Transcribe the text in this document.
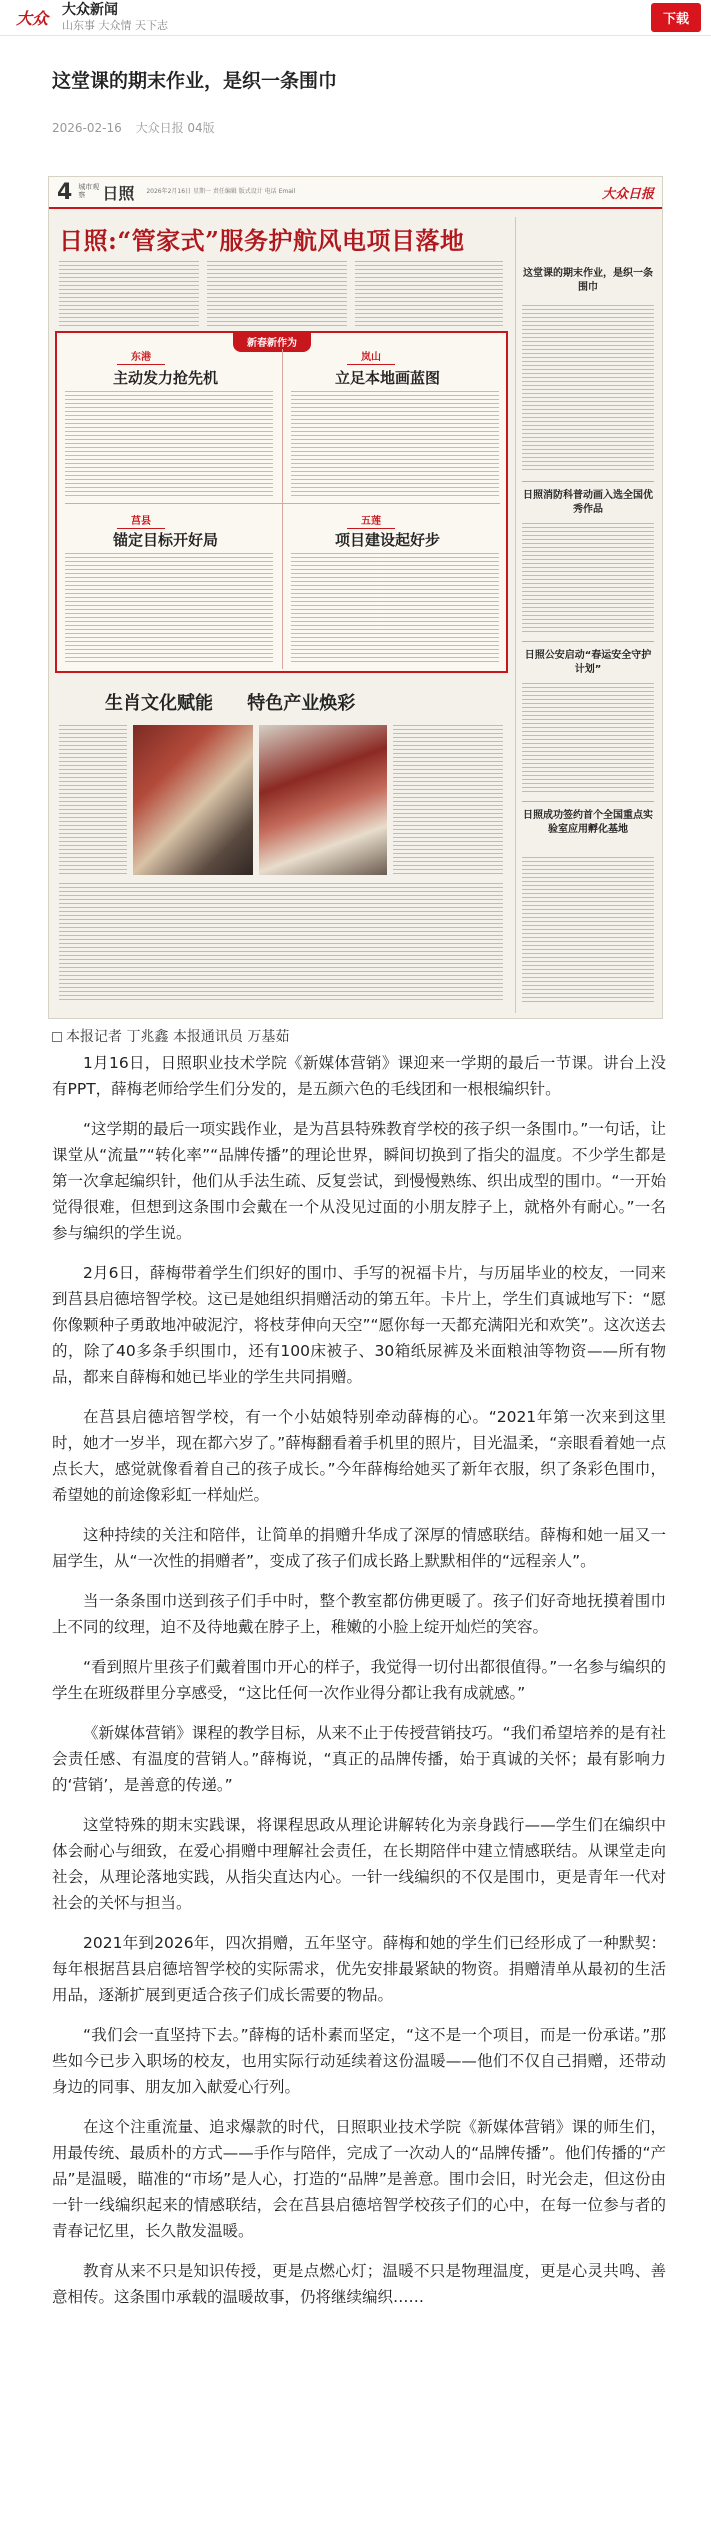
大众 大众新闻
山东事 大众情 天下志	下载
这堂课的期末作业，是织一条围巾
2026-02-16 大众日报 04版
4 城市观察	日照 2026年2月16日 星期一 责任编辑 版式设计 电话 Email	大众日报
日照:“管家式”服务护航风电项目落地
新春新作为
东港
主动发力抢先机
岚山
立足本地画蓝图
莒县
锚定目标开好局
五莲
项目建设起好步
生肖文化赋能 特色产业焕彩
这堂课的期末作业，是织一条围巾
日照消防科普动画入选全国优秀作品
日照公安启动“春运安全守护计划”
日照成功签约首个全国重点实验室应用孵化基地
本报记者 丁兆鑫 本报通讯员 万基茹

1月16日，日照职业技术学院《新媒体营销》课迎来一学期的最后一节课。讲台上没有PPT，薛梅老师给学生们分发的，是五颜六色的毛线团和一根根编织针。

“这学期的最后一项实践作业，是为莒县特殊教育学校的孩子织一条围巾。”一句话，让课堂从“流量”“转化率”“品牌传播”的理论世界，瞬间切换到了指尖的温度。不少学生都是第一次拿起编织针，他们从手法生疏、反复尝试，到慢慢熟练、织出成型的围巾。“一开始觉得很难，但想到这条围巾会戴在一个从没见过面的小朋友脖子上，就格外有耐心。”一名参与编织的学生说。

2月6日，薛梅带着学生们织好的围巾、手写的祝福卡片，与历届毕业的校友，一同来到莒县启德培智学校。这已是她组织捐赠活动的第五年。卡片上，学生们真诚地写下：“愿你像颗种子勇敢地冲破泥泞，将枝芽伸向天空”“愿你每一天都充满阳光和欢笑”。这次送去的，除了40多条手织围巾，还有100床被子、30箱纸尿裤及米面粮油等物资——所有物品，都来自薛梅和她已毕业的学生共同捐赠。

在莒县启德培智学校，有一个小姑娘特别牵动薛梅的心。“2021年第一次来到这里时，她才一岁半，现在都六岁了。”薛梅翻看着手机里的照片，目光温柔，“亲眼看着她一点点长大，感觉就像看着自己的孩子成长。”今年薛梅给她买了新年衣服，织了条彩色围巾，希望她的前途像彩虹一样灿烂。

这种持续的关注和陪伴，让简单的捐赠升华成了深厚的情感联结。薛梅和她一届又一届学生，从“一次性的捐赠者”，变成了孩子们成长路上默默相伴的“远程亲人”。

当一条条围巾送到孩子们手中时，整个教室都仿佛更暖了。孩子们好奇地抚摸着围巾上不同的纹理，迫不及待地戴在脖子上，稚嫩的小脸上绽开灿烂的笑容。

“看到照片里孩子们戴着围巾开心的样子，我觉得一切付出都很值得。”一名参与编织的学生在班级群里分享感受，“这比任何一次作业得分都让我有成就感。”

《新媒体营销》课程的教学目标，从来不止于传授营销技巧。“我们希望培养的是有社会责任感、有温度的营销人。”薛梅说，“真正的品牌传播，始于真诚的关怀；最有影响力的‘营销’，是善意的传递。”

这堂特殊的期末实践课，将课程思政从理论讲解转化为亲身践行——学生们在编织中体会耐心与细致，在爱心捐赠中理解社会责任，在长期陪伴中建立情感联结。从课堂走向社会，从理论落地实践，从指尖直达内心。一针一线编织的不仅是围巾，更是青年一代对社会的关怀与担当。

2021年到2026年，四次捐赠，五年坚守。薛梅和她的学生们已经形成了一种默契：每年根据莒县启德培智学校的实际需求，优先安排最紧缺的物资。捐赠清单从最初的生活用品，逐渐扩展到更适合孩子们成长需要的物品。

“我们会一直坚持下去。”薛梅的话朴素而坚定，“这不是一个项目，而是一份承诺。”那些如今已步入职场的校友，也用实际行动延续着这份温暖——他们不仅自己捐赠，还带动身边的同事、朋友加入献爱心行列。

在这个注重流量、追求爆款的时代，日照职业技术学院《新媒体营销》课的师生们，用最传统、最质朴的方式——手作与陪伴，完成了一次动人的“品牌传播”。他们传播的“产品”是温暖，瞄准的“市场”是人心，打造的“品牌”是善意。围巾会旧，时光会走，但这份由一针一线编织起来的情感联结，会在莒县启德培智学校孩子们的心中，在每一位参与者的青春记忆里，长久散发温暖。

教育从来不只是知识传授，更是点燃心灯；温暖不只是物理温度，更是心灵共鸣、善意相传。这条围巾承载的温暖故事，仍将继续编织……
